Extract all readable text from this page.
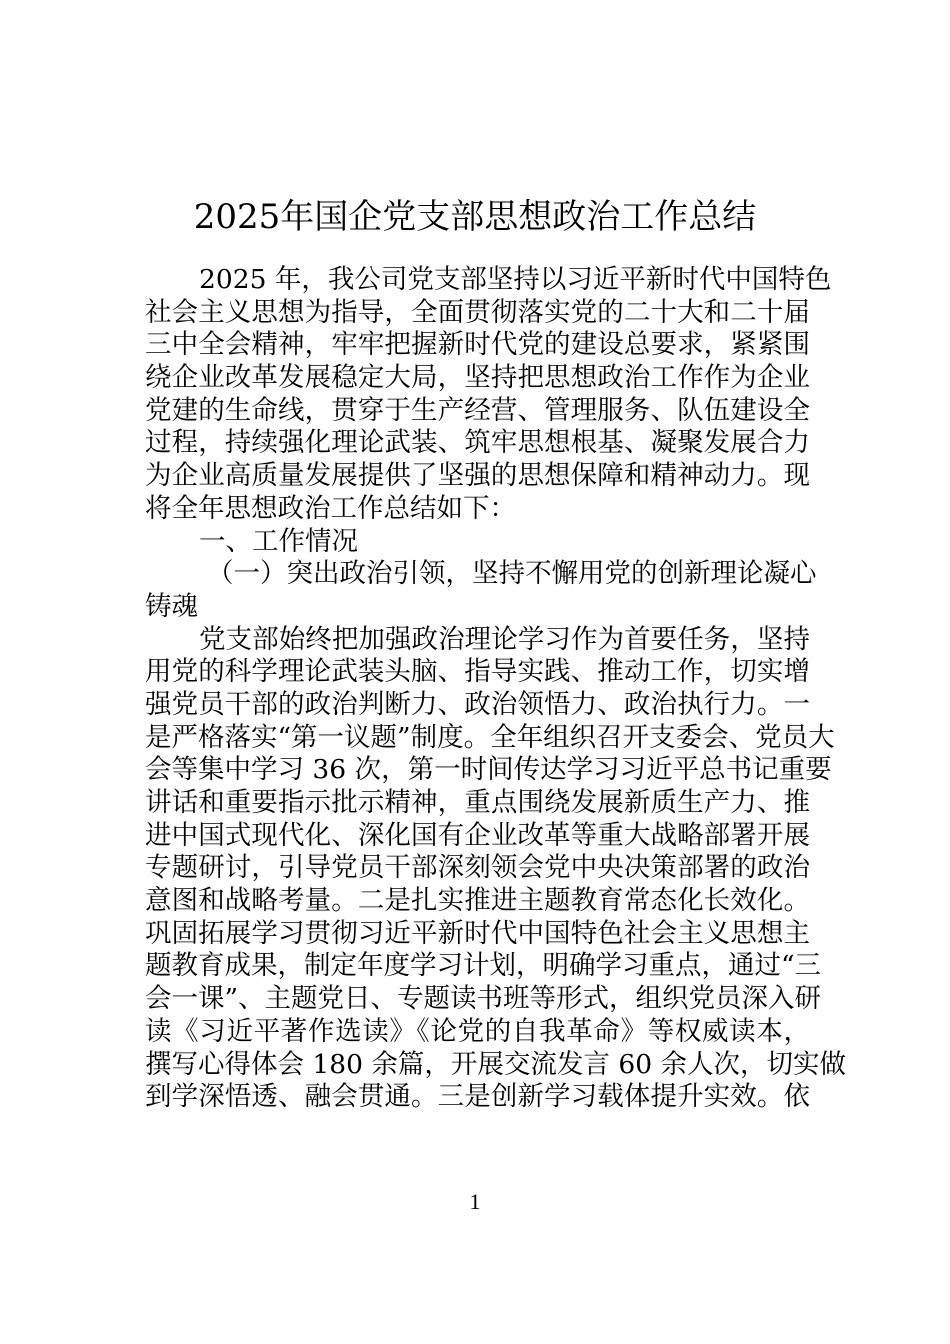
2025年国企党支部思想政治工作总结
2025 年，我公司党支部坚持以习近平新时代中国特色
社会主义思想为指导，全面贯彻落实党的二十大和二十届
三中全会精神，牢牢把握新时代党的建设总要求，紧紧围
绕企业改革发展稳定大局，坚持把思想政治工作作为企业
党建的生命线，贯穿于生产经营、管理服务、队伍建设全
过程，持续强化理论武装、筑牢思想根基、凝聚发展合力
为企业高质量发展提供了坚强的思想保障和精神动力。现
将全年思想政治工作总结如下：
一、工作情况
（一）突出政治引领，坚持不懈用党的创新理论凝心
铸魂
党支部始终把加强政治理论学习作为首要任务，坚持
用党的科学理论武装头脑、指导实践、推动工作，切实增
强党员干部的政治判断力、政治领悟力、政治执行力。一
是严格落实“第一议题”制度。全年组织召开支委会、党员大
会等集中学习 36 次，第一时间传达学习习近平总书记重要
讲话和重要指示批示精神，重点围绕发展新质生产力、推
进中国式现代化、深化国有企业改革等重大战略部署开展
专题研讨，引导党员干部深刻领会党中央决策部署的政治
意图和战略考量。二是扎实推进主题教育常态化长效化。
巩固拓展学习贯彻习近平新时代中国特色社会主义思想主
题教育成果，制定年度学习计划，明确学习重点，通过“三
会一课”、主题党日、专题读书班等形式，组织党员深入研
读《习近平著作选读》《论党的自我革命》等权威读本，
撰写心得体会 180 余篇，开展交流发言 60 余人次，切实做
到学深悟透、融会贯通。三是创新学习载体提升实效。依
1
